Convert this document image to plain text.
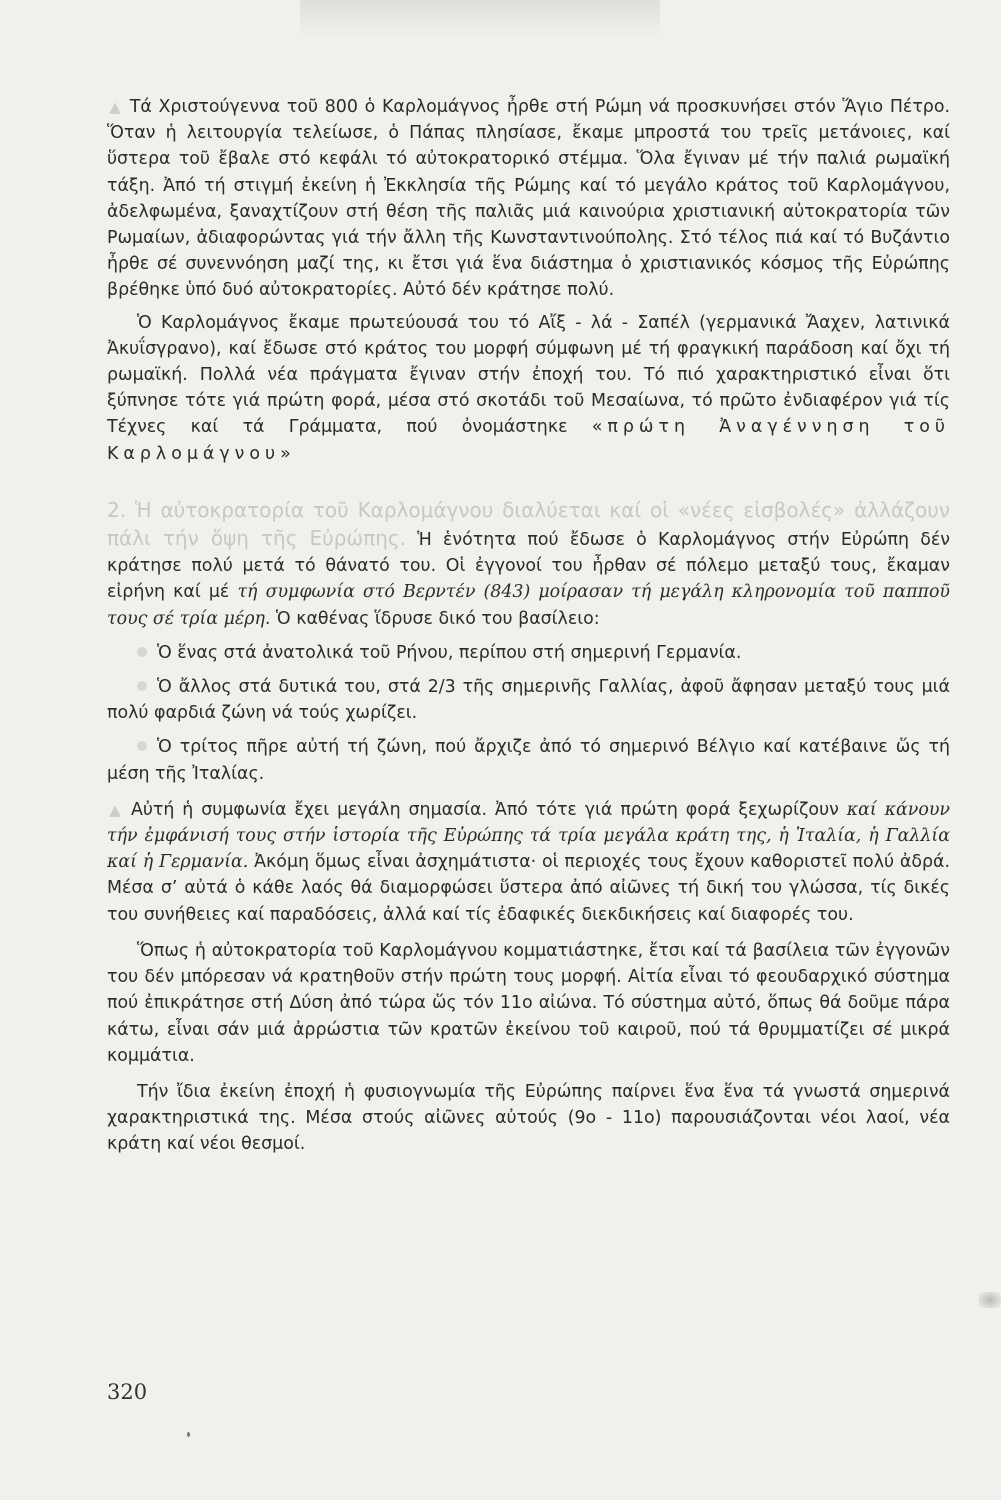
▲ Τά Χριστούγεννα τοῦ 800 ὁ Καρλομάγνος ἦρθε στή Ρώμη νά προσκυνήσει στόν Ἅγιο Πέτρο. Ὅταν ἡ λειτουργία τελείωσε, ὁ Πάπας πλησίασε, ἔκαμε μπροστά του τρεῖς μετάνοιες, καί ὕστερα τοῦ ἔβαλε στό κεφάλι τό αὐτοκρατορικό στέμμα. Ὅλα ἔγιναν μέ τήν παλιά ρωμαϊκή τάξη. Ἀπό τή στιγμή ἐκείνη ἡ Ἐκκλησία τῆς Ρώμης καί τό μεγάλο κράτος τοῦ Καρλομάγνου, ἀδελφωμένα, ξαναχτίζουν στή θέση τῆς παλιᾶς μιά καινούρια χριστιανική αὐτοκρατορία τῶν Ρωμαίων, ἀδιαφορώντας γιά τήν ἄλλη τῆς Κωνσταντινούπολης. Στό τέλος πιά καί τό Βυζάντιο ἦρθε σέ συνεννόηση μαζί της, κι ἔτσι γιά ἕνα διάστημα ὁ χριστιανικός κόσμος τῆς Εὐρώπης βρέθηκε ὑπό δυό αὐτοκρατορίες. Αὐτό δέν κράτησε πολύ.

Ὁ Καρλομάγνος ἔκαμε πρωτεύουσά του τό Αἴξ - λά - Σαπέλ (γερμανικά Ἄαχεν, λατινικά Ἀκυΐσγρανο), καί ἔδωσε στό κράτος του μορφή σύμφωνη μέ τή φραγκική παράδοση καί ὄχι τή ρωμαϊκή. Πολλά νέα πράγματα ἔγιναν στήν ἐποχή του. Τό πιό χαρακτηριστικό εἶναι ὅτι ξύπνησε τότε γιά πρώτη φορά, μέσα στό σκοτάδι τοῦ Μεσαίωνα, τό πρῶτο ἐνδιαφέρον γιά τίς Τέχνες καί τά Γράμματα, πού ὀνομάστηκε «πρώτη Ἀναγέννηση τοῦ Καρλομάγνου»

2. Ἡ αὐτοκρατορία τοῦ Καρλομάγνου διαλύεται καί οἱ «νέες εἰσβολές» ἀλλάζουν πάλι τήν ὄψη τῆς Εὐρώπης. Ἡ ἑνότητα πού ἔδωσε ὁ Καρλομάγνος στήν Εὐρώπη δέν κράτησε πολύ μετά τό θάνατό του. Οἱ ἐγγονοί του ἦρθαν σέ πόλεμο μεταξύ τους, ἔκαμαν εἰρήνη καί μέ τή συμφωνία στό Βερντέν (843) μοίρασαν τή μεγάλη κληρονομία τοῦ παπποῦ τους σέ τρία μέρη. Ὁ καθένας ἵδρυσε δικό του βασίλειο:

Ὁ ἕνας στά ἀνατολικά τοῦ Ρήνου, περίπου στή σημερινή Γερμανία.

Ὁ ἄλλος στά δυτικά του, στά 2/3 τῆς σημερινῆς Γαλλίας, ἀφοῦ ἄφησαν μεταξύ τους μιά πολύ φαρδιά ζώνη νά τούς χωρίζει.

Ὁ τρίτος πῆρε αὐτή τή ζώνη, πού ἄρχιζε ἀπό τό σημερινό Βέλγιο καί κατέβαινε ὥς τή μέση τῆς Ἰταλίας.

▲ Αὐτή ἡ συμφωνία ἔχει μεγάλη σημασία. Ἀπό τότε γιά πρώτη φορά ξεχωρίζουν καί κάνουν τήν ἐμφάνισή τους στήν ἱστορία τῆς Εὐρώπης τά τρία μεγάλα κράτη της, ἡ Ἰταλία, ἡ Γαλλία καί ἡ Γερμανία. Ἀκόμη ὅμως εἶναι ἀσχημάτιστα· οἱ περιοχές τους ἔχουν καθοριστεῖ πολύ ἀδρά. Μέσα σ’ αὐτά ὁ κάθε λαός θά διαμορφώσει ὕστερα ἀπό αἰῶνες τή δική του γλώσσα, τίς δικές του συνήθειες καί παραδόσεις, ἀλλά καί τίς ἐδαφικές διεκδικήσεις καί διαφορές του.

Ὅπως ἡ αὐτοκρατορία τοῦ Καρλομάγνου κομματιάστηκε, ἔτσι καί τά βασίλεια τῶν ἐγγονῶν του δέν μπόρεσαν νά κρατηθοῦν στήν πρώτη τους μορφή. Αἰτία εἶναι τό φεουδαρχικό σύστημα πού ἐπικράτησε στή Δύση ἀπό τώρα ὥς τόν 11ο αἰώνα. Τό σύστημα αὐτό, ὅπως θά δοῦμε πάρα κάτω, εἶναι σάν μιά ἀρρώστια τῶν κρατῶν ἐκείνου τοῦ καιροῦ, πού τά θρυμματίζει σέ μικρά κομμάτια.

Τήν ἴδια ἐκείνη ἐποχή ἡ φυσιογνωμία τῆς Εὐρώπης παίρνει ἕνα ἕνα τά γνωστά σημερινά χαρακτηριστικά της. Μέσα στούς αἰῶνες αὐτούς (9ο - 11ο) παρουσιάζονται νέοι λαοί, νέα κράτη καί νέοι θεσμοί.

320
